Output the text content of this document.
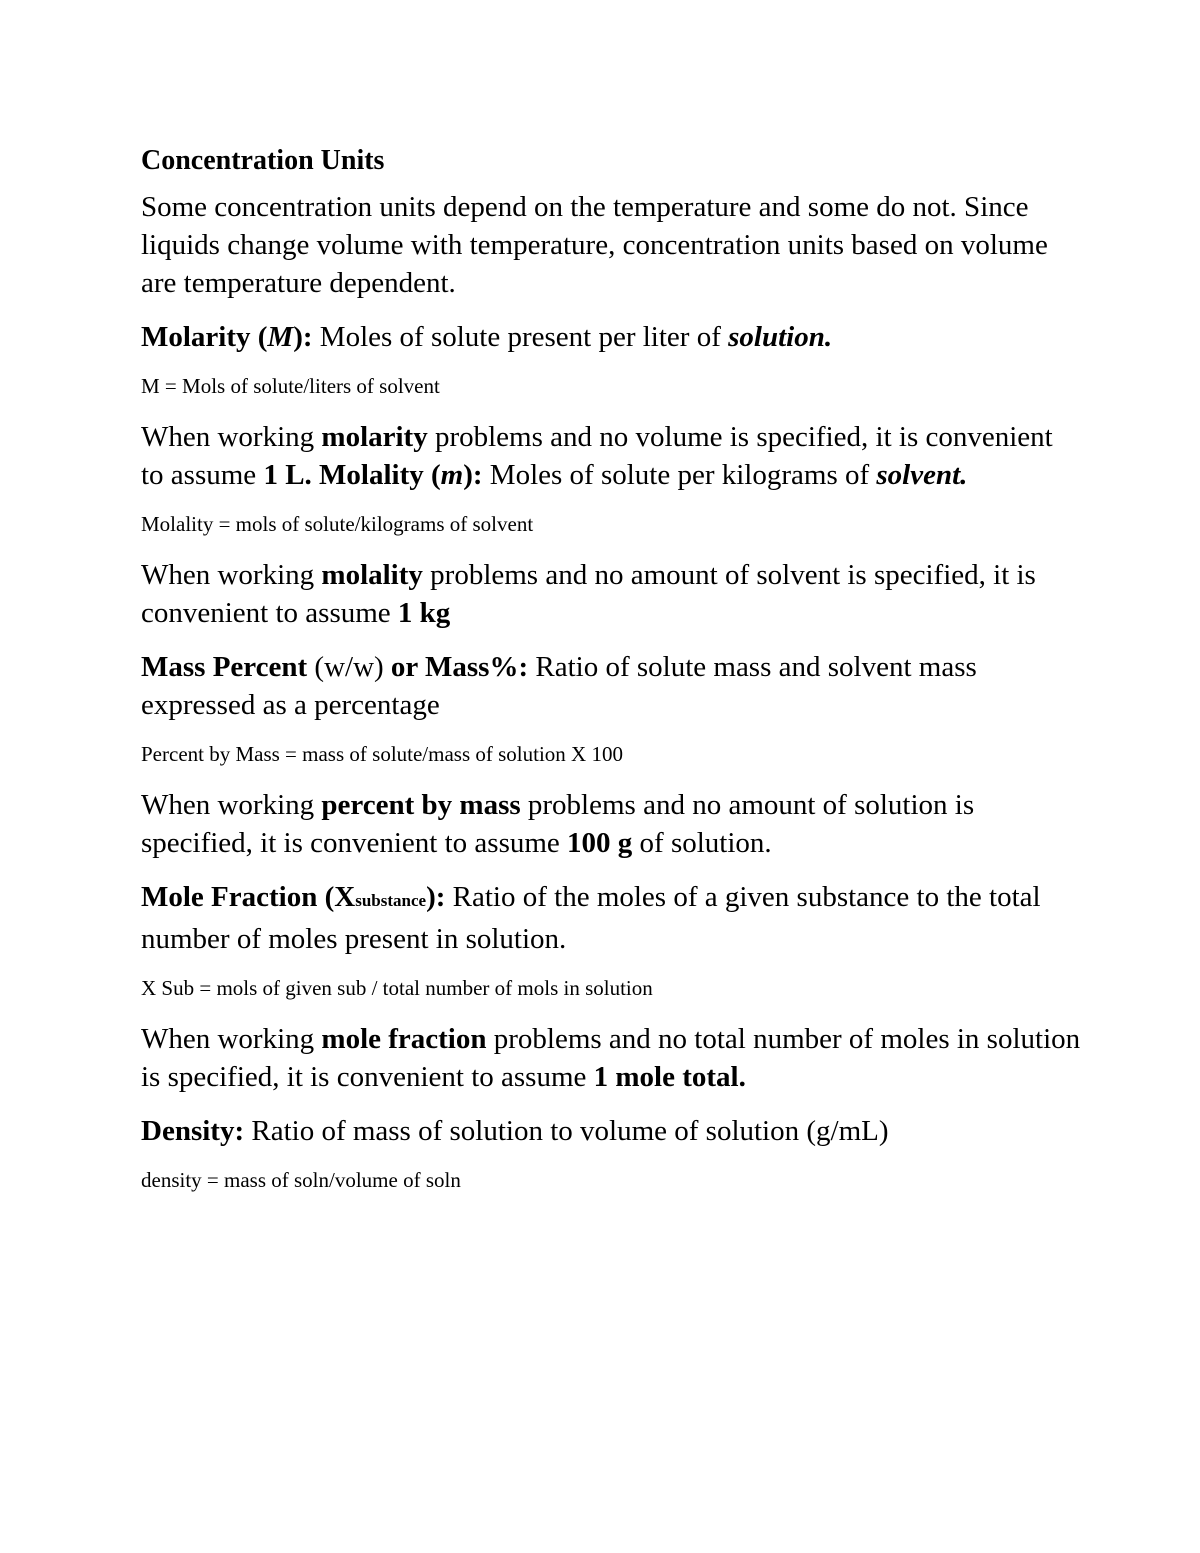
Concentration Units

Some concentration units depend on the temperature and some do not. Since liquids change volume with temperature, concentration units based on volume are temperature dependent.

Molarity (M): Moles of solute present per liter of solution.

M = Mols of solute/liters of solvent

When working molarity problems and no volume is specified, it is convenient to assume 1 L. Molality (m): Moles of solute per kilograms of solvent.

Molality = mols of solute/kilograms of solvent

When working molality problems and no amount of solvent is specified, it is convenient to assume 1 kg

Mass Percent (w/w) or Mass%: Ratio of solute mass and solvent mass expressed as a percentage

Percent by Mass = mass of solute/mass of solution X 100

When working percent by mass problems and no amount of solution is specified, it is convenient to assume 100 g of solution.

Mole Fraction (Xsubstance): Ratio of the moles of a given substance to the total number of moles present in solution.

X Sub = mols of given sub / total number of mols in solution

When working mole fraction problems and no total number of moles in solution is specified, it is convenient to assume 1 mole total.

Density: Ratio of mass of solution to volume of solution (g/mL)

density = mass of soln/volume of soln
